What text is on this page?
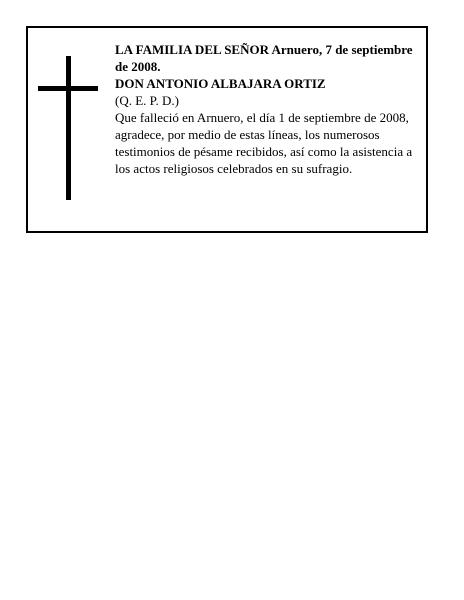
LA FAMILIA DEL SEÑOR Arnuero, 7 de septiembre de 2008.

DON ANTONIO ALBAJARA ORTIZ

(Q. E. P. D.)

Que falleció en Arnuero, el día 1 de septiembre de 2008, agradece, por medio de estas líneas, los numerosos testimonios de pésame recibidos, así como la asistencia a los actos religiosos celebrados en su sufragio.
